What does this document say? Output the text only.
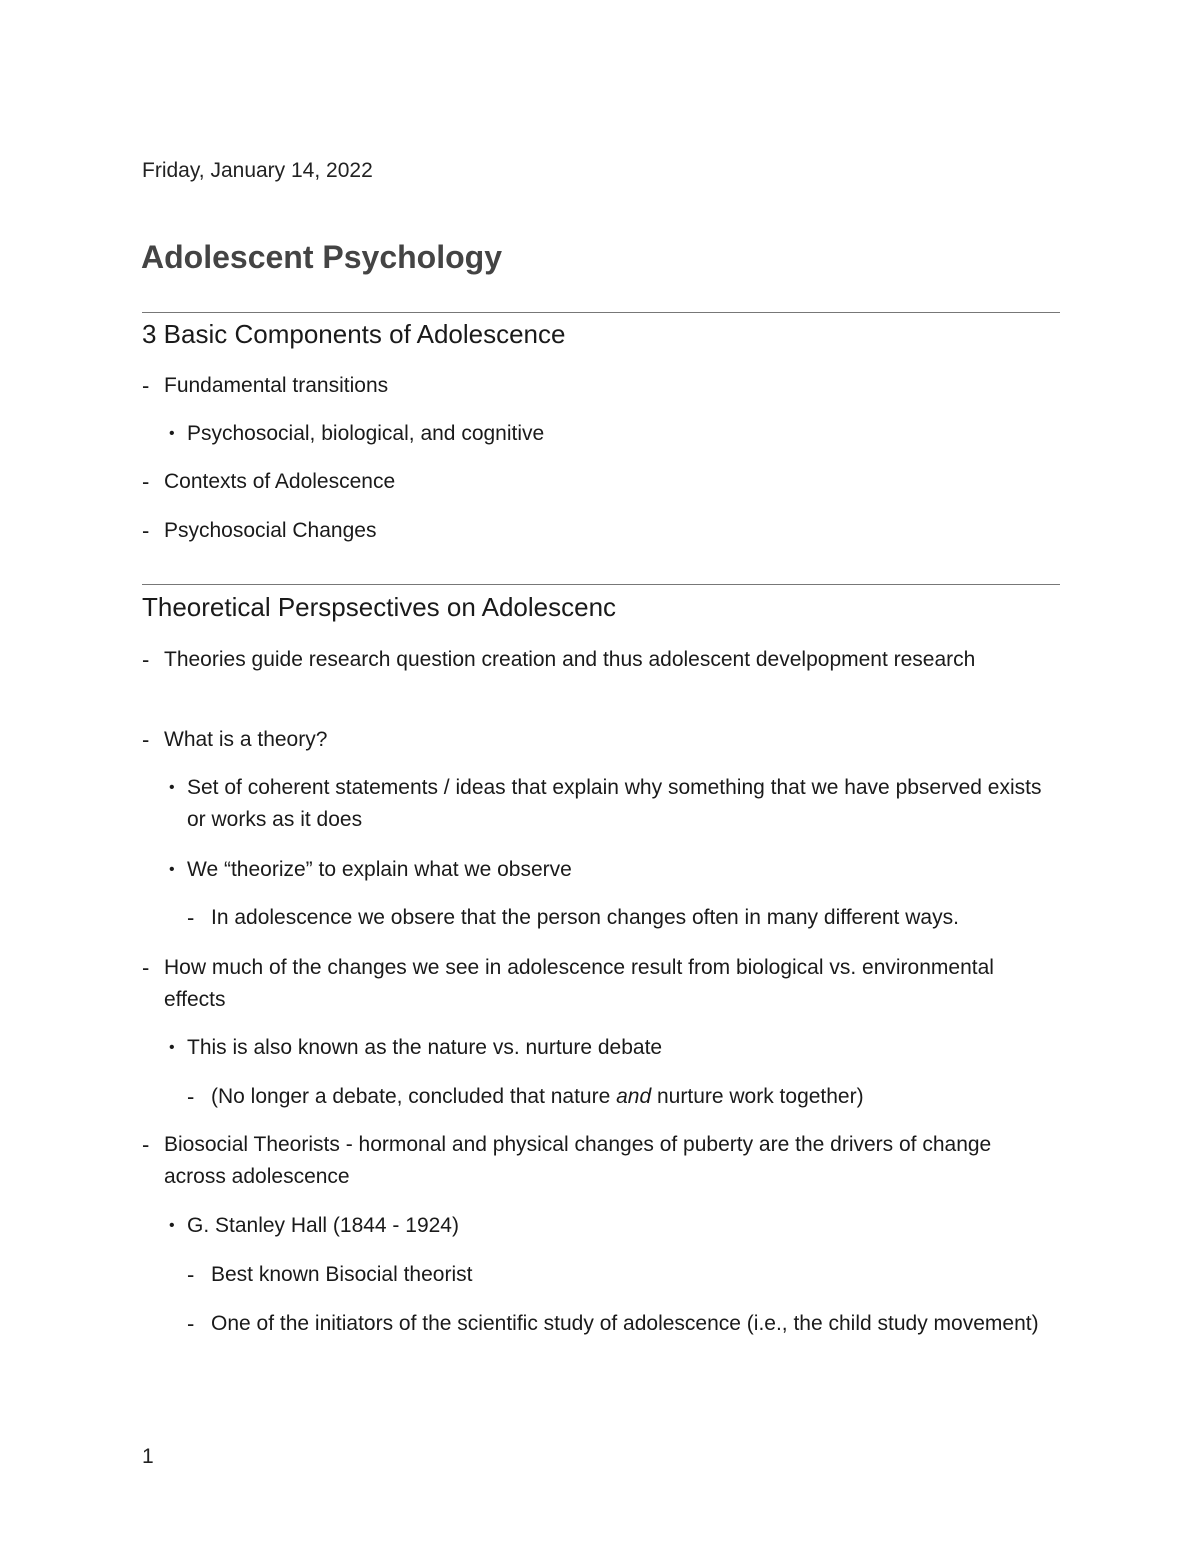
Friday, January 14, 2022
Adolescent Psychology
3 Basic Components of Adolescence
- Fundamental transitions
• Psychosocial, biological, and cognitive
- Contexts of Adolescence
- Psychosocial Changes
Theoretical Perspsectives on Adolescenc
- Theories guide research question creation and thus adolescent develpopment research
- What is a theory?
• Set of coherent statements / ideas that explain why something that we have pbserved exists or works as it does
• We “theorize” to explain what we observe
- In adolescence we obsere that the person changes often in many different ways.
- How much of the changes we see in adolescence result from biological vs. environmental effects
• This is also known as the nature vs. nurture debate
- (No longer a debate, concluded that nature and nurture work together)
- Biosocial Theorists - hormonal and physical changes of puberty are the drivers of change across adolescence
• G. Stanley Hall (1844 - 1924)
- Best known Bisocial theorist
- One of the initiators of the scientific study of adolescence (i.e., the child study movement)
1
